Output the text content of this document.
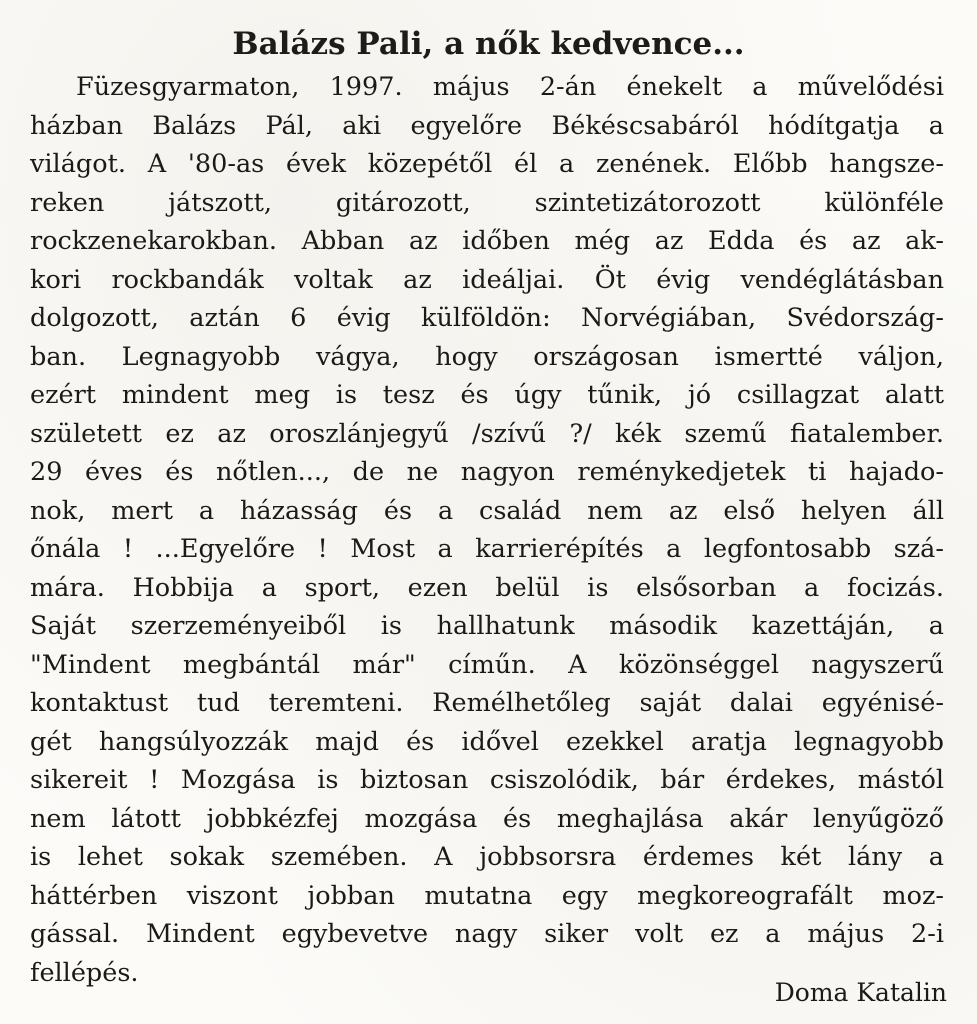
Balázs Pali, a nők kedvence...
Füzesgyarmaton, 1997. május 2-án énekelt a művelődési
házban Balázs Pál, aki egyelőre Békéscsabáról hódítgatja a
világot. A '80-as évek közepétől él a zenének. Előbb hangsze-
reken játszott, gitározott, szintetizátorozott különféle
rockzenekarokban. Abban az időben még az Edda és az ak-
kori rockbandák voltak az ideáljai. Öt évig vendéglátásban
dolgozott, aztán 6 évig külföldön: Norvégiában, Svédország-
ban. Legnagyobb vágya, hogy országosan ismertté váljon,
ezért mindent meg is tesz és úgy tűnik, jó csillagzat alatt
született ez az oroszlánjegyű /szívű ?/ kék szemű fiatalember.
29 éves és nőtlen..., de ne nagyon reménykedjetek ti hajado-
nok, mert a házasság és a család nem az első helyen áll
őnála ! ...Egyelőre ! Most a karrierépítés a legfontosabb szá-
mára. Hobbija a sport, ezen belül is elsősorban a focizás.
Saját szerzeményeiből is hallhatunk második kazettáján, a
"Mindent megbántál már" címűn. A közönséggel nagyszerű
kontaktust tud teremteni. Remélhetőleg saját dalai egyénisé-
gét hangsúlyozzák majd és idővel ezekkel aratja legnagyobb
sikereit ! Mozgása is biztosan csiszolódik, bár érdekes, mástól
nem látott jobbkézfej mozgása és meghajlása akár lenyűgöző
is lehet sokak szemében. A jobbsorsra érdemes két lány a
háttérben viszont jobban mutatna egy megkoreografált moz-
gással. Mindent egybevetve nagy siker volt ez a május 2-i
fellépés.
Doma Katalin
